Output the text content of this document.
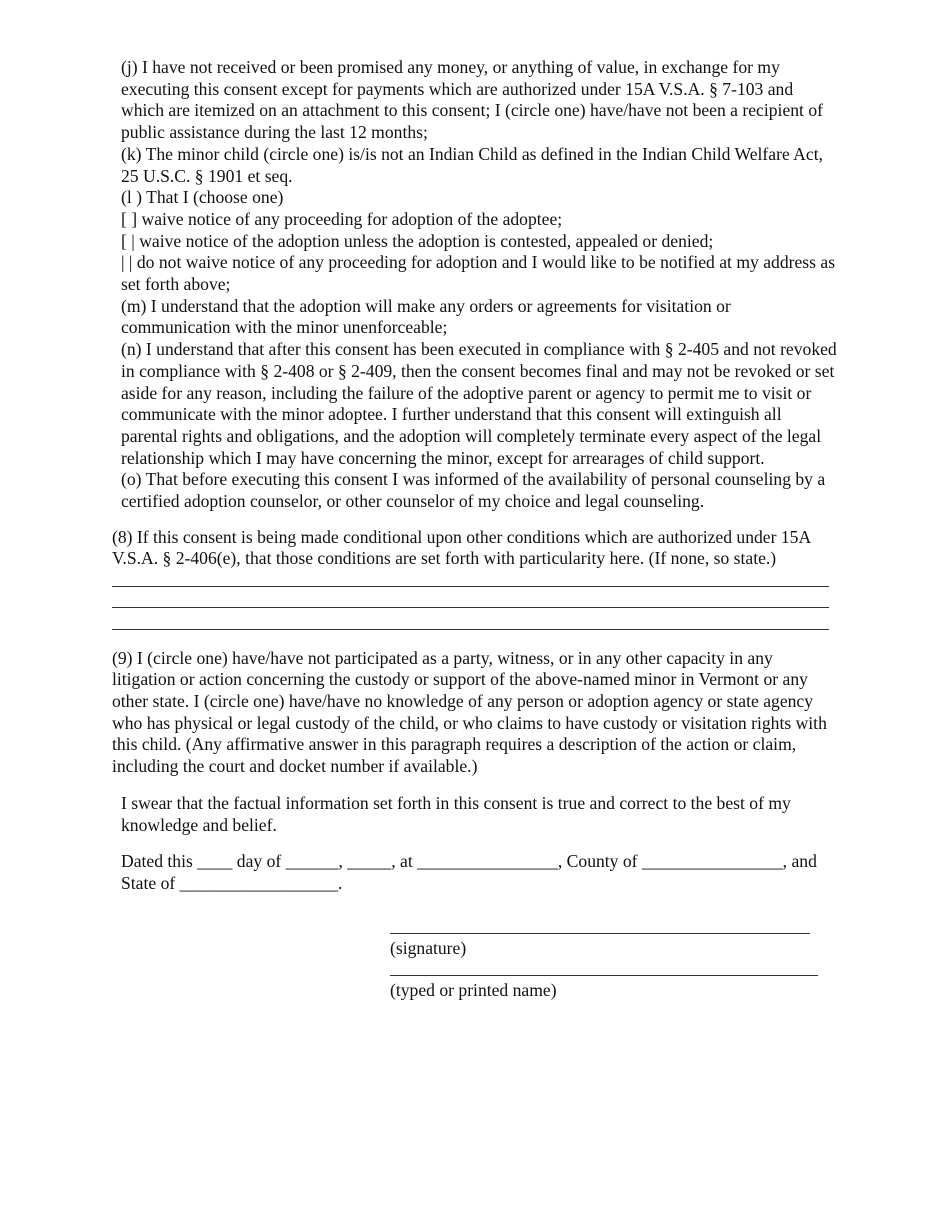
(j) I have not received or been promised any money, or anything of value, in exchange for my executing this consent except for payments which are authorized under 15A V.S.A. § 7-103 and which are itemized on an attachment to this consent; I (circle one) have/have not been a recipient of public assistance during the last 12 months;

(k) The minor child (circle one) is/is not an Indian Child as defined in the Indian Child Welfare Act, 25 U.S.C. § 1901 et seq.

(l ) That I (choose one)

[ ] waive notice of any proceeding for adoption of the adoptee;

[ | waive notice of the adoption unless the adoption is contested, appealed or denied;

| | do not waive notice of any proceeding for adoption and I would like to be notified at my address as set forth above;

(m) I understand that the adoption will make any orders or agreements for visitation or communication with the minor unenforceable;

(n) I understand that after this consent has been executed in compliance with § 2-405 and not revoked in compliance with § 2-408 or § 2-409, then the consent becomes final and may not be revoked or set aside for any reason, including the failure of the adoptive parent or agency to permit me to visit or communicate with the minor adoptee. I further understand that this consent will extinguish all parental rights and obligations, and the adoption will completely terminate every aspect of the legal relationship which I may have concerning the minor, except for arrearages of child support.

(o) That before executing this consent I was informed of the availability of personal counseling by a certified adoption counselor, or other counselor of my choice and legal counseling.

(8) If this consent is being made conditional upon other conditions which are authorized under 15A V.S.A. § 2-406(e), that those conditions are set forth with particularity here. (If none, so state.)

(9) I (circle one) have/have not participated as a party, witness, or in any other capacity in any litigation or action concerning the custody or support of the above-named minor in Vermont or any other state. I (circle one) have/have no knowledge of any person or adoption agency or state agency who has physical or legal custody of the child, or who claims to have custody or visitation rights with this child. (Any affirmative answer in this paragraph requires a description of the action or claim, including the court and docket number if available.)

I swear that the factual information set forth in this consent is true and correct to the best of my knowledge and belief.

Dated this ____ day of ______, _____, at ________________, County of ________________, and State of __________________.

(signature)

(typed or printed name)
